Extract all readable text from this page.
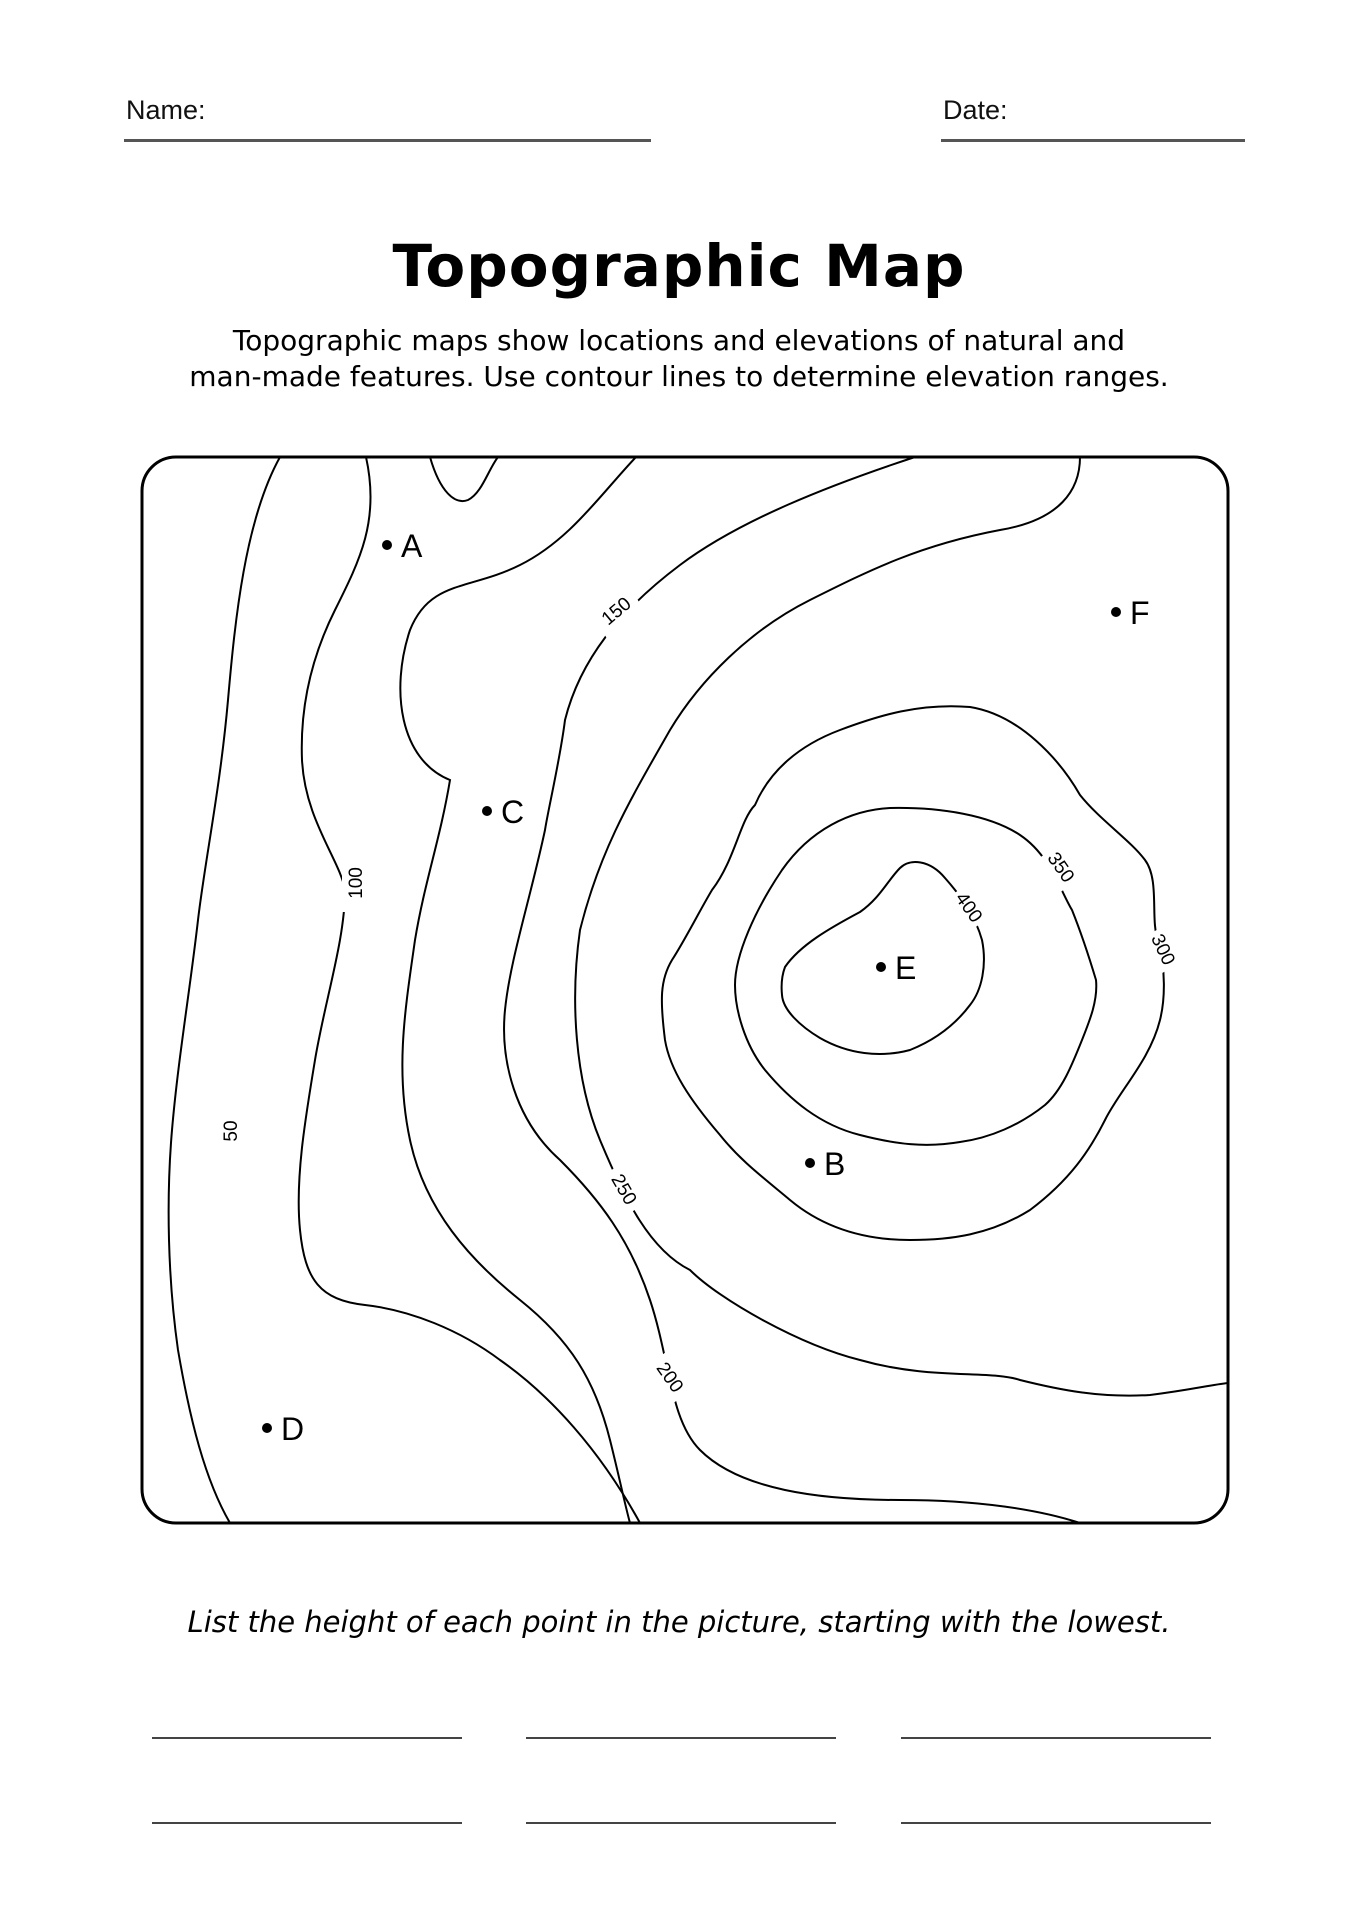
Name:	Date:
Topographic Map
Topographic maps show locations and elevations of natural and
man-made features. Use contour lines to determine elevation ranges.
50
100
150
200
250
300
350
400
A
B
C
D
E
F
List the height of each point in the picture, starting with the lowest.
